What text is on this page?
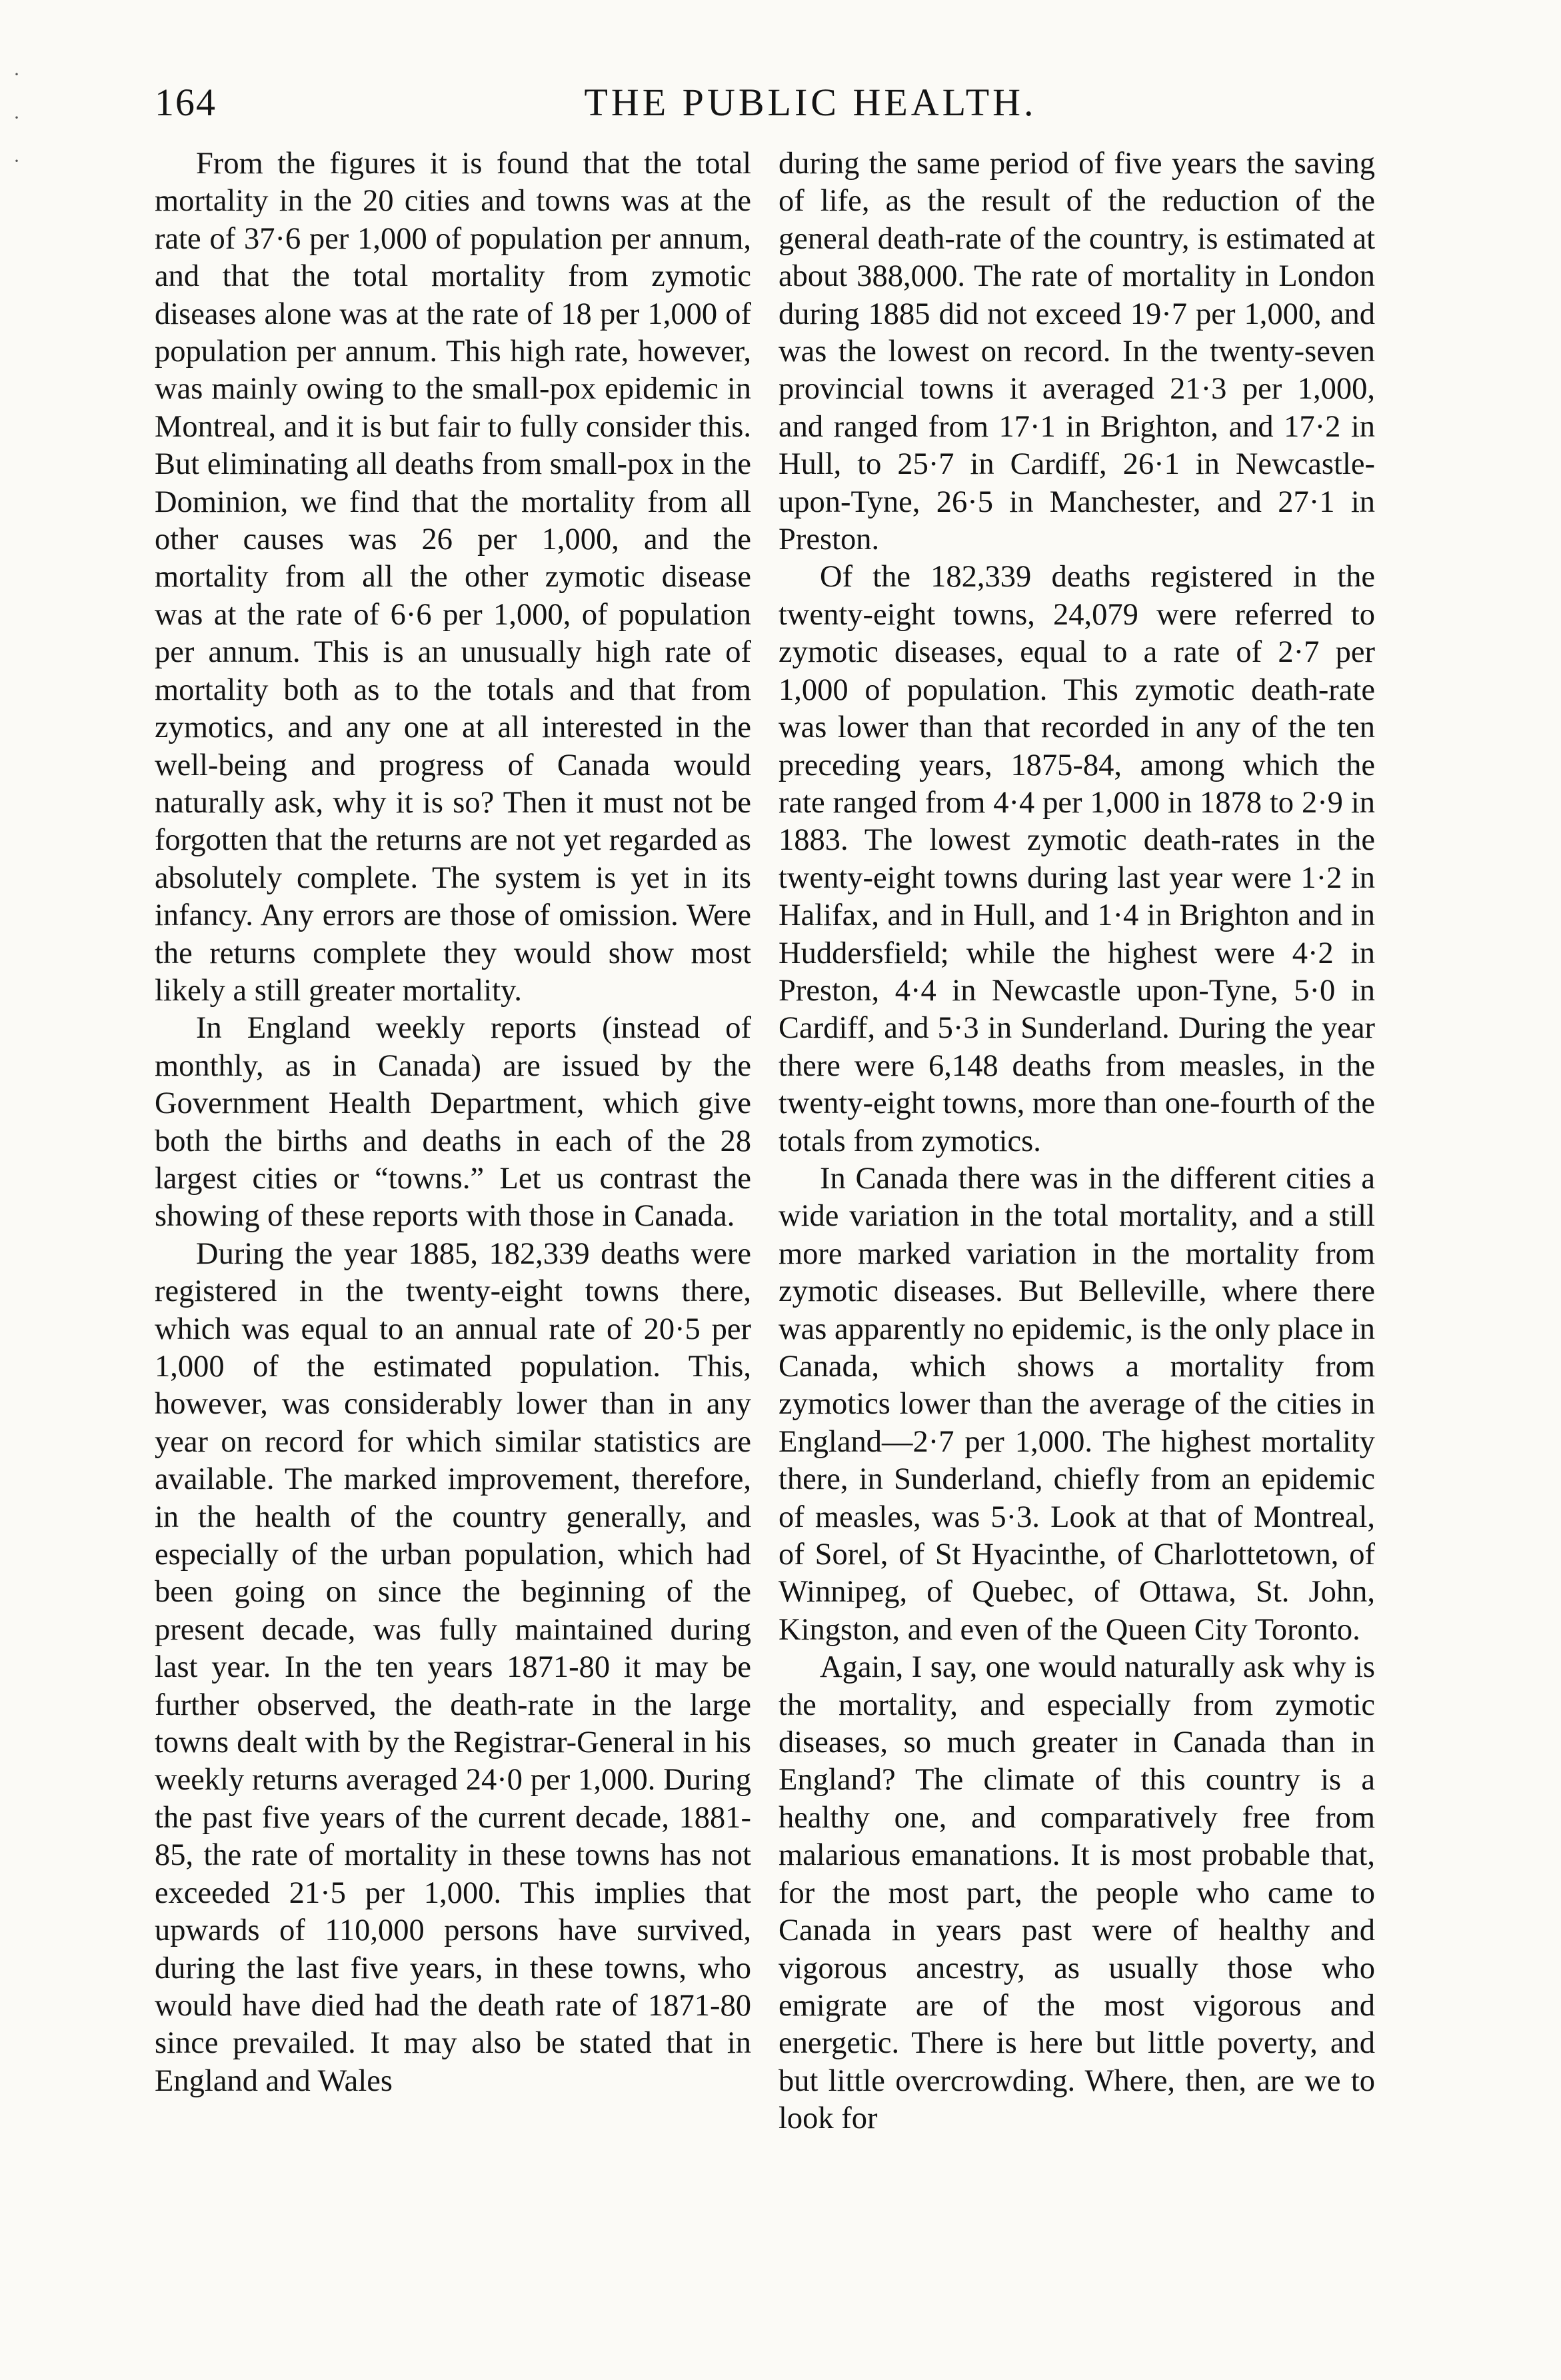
·
·
·
164	THE PUBLIC HEALTH.

From the figures it is found that the total mortality in the 20 cities and towns was at the rate of 37·6 per 1,000 of population per annum, and that the total mortality from zymotic diseases alone was at the rate of 18 per 1,000 of population per annum. This high rate, however, was mainly owing to the small-pox epidemic in Montreal, and it is but fair to fully consider this. But eliminating all deaths from small-pox in the Dominion, we find that the mortality from all other causes was 26 per 1,000, and the mortality from all the other zymotic disease was at the rate of 6·6 per 1,000, of population per annum. This is an unusually high rate of mortality both as to the totals and that from zymotics, and any one at all interested in the well-being and progress of Canada would naturally ask, why it is so? Then it must not be forgotten that the returns are not yet regarded as absolutely complete. The system is yet in its infancy. Any errors are those of omission. Were the returns complete they would show most likely a still greater mortality.

In England weekly reports (instead of monthly, as in Canada) are issued by the Government Health Department, which give both the births and deaths in each of the 28 largest cities or “towns.” Let us contrast the showing of these reports with those in Canada.

During the year 1885, 182,339 deaths were registered in the twenty-eight towns there, which was equal to an annual rate of 20·5 per 1,000 of the estimated population. This, however, was considerably lower than in any year on record for which similar statistics are available. The marked improvement, therefore, in the health of the country generally, and especially of the urban population, which had been going on since the beginning of the present decade, was fully maintained during last year. In the ten years 1871-80 it may be further observed, the death-rate in the large towns dealt with by the Registrar-General in his weekly returns averaged 24·0 per 1,000. During the past five years of the current decade, 1881-85, the rate of mortality in these towns has not exceeded 21·5 per 1,000. This implies that upwards of 110,000 persons have survived, during the last five years, in these towns, who would have died had the death rate of 1871-80 since prevailed. It may also be stated that in England and Wales

during the same period of five years the saving of life, as the result of the reduction of the general death-rate of the country, is estimated at about 388,000. The rate of mortality in London during 1885 did not exceed 19·7 per 1,000, and was the lowest on record. In the twenty-seven provincial towns it averaged 21·3 per 1,000, and ranged from 17·1 in Brighton, and 17·2 in Hull, to 25·7 in Cardiff, 26·1 in Newcastle-upon-Tyne, 26·5 in Manchester, and 27·1 in Preston.

Of the 182,339 deaths registered in the twenty-eight towns, 24,079 were referred to zymotic diseases, equal to a rate of 2·7 per 1,000 of population. This zymotic death-rate was lower than that recorded in any of the ten preceding years, 1875-84, among which the rate ranged from 4·4 per 1,000 in 1878 to 2·9 in 1883. The lowest zymotic death-rates in the twenty-eight towns during last year were 1·2 in Halifax, and in Hull, and 1·4 in Brighton and in Huddersfield; while the highest were 4·2 in Preston, 4·4 in Newcastle upon-Tyne, 5·0 in Cardiff, and 5·3 in Sunderland. During the year there were 6,148 deaths from measles, in the twenty-eight towns, more than one-fourth of the totals from zymotics.

In Canada there was in the different cities a wide variation in the total mortality, and a still more marked variation in the mortality from zymotic diseases. But Belleville, where there was apparently no epidemic, is the only place in Canada, which shows a mortality from zymotics lower than the average of the cities in England—2·7 per 1,000. The highest mortality there, in Sunderland, chiefly from an epidemic of measles, was 5·3. Look at that of Montreal, of Sorel, of St Hyacinthe, of Charlottetown, of Winnipeg, of Quebec, of Ottawa, St. John, Kingston, and even of the Queen City Toronto.

Again, I say, one would naturally ask why is the mortality, and especially from zymotic diseases, so much greater in Canada than in England? The climate of this country is a healthy one, and comparatively free from malarious emanations. It is most probable that, for the most part, the people who came to Canada in years past were of healthy and vigorous ancestry, as usually those who emigrate are of the most vigorous and energetic. There is here but little poverty, and but little overcrowding. Where, then, are we to look for
